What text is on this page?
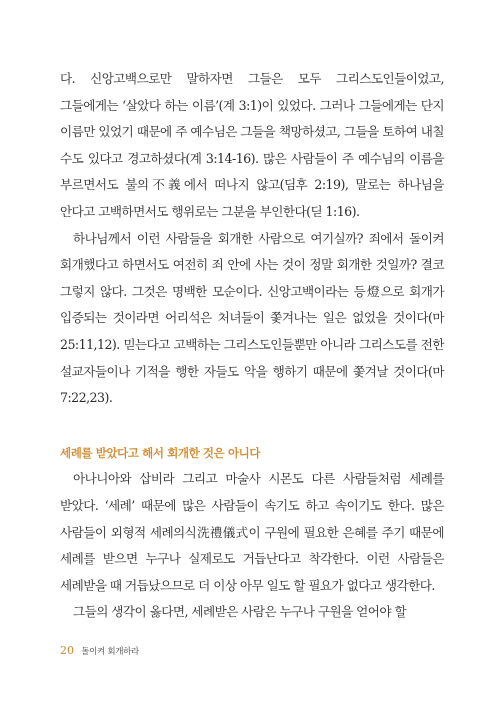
다. 신앙고백으로만 말하자면 그들은 모두 그리스도인들이었고, 그들에게는 ‘살았다 하는 이름’(계 3:1)이 있었다. 그러나 그들에게는 단지 이름만 있었기 때문에 주 예수님은 그들을 책망하셨고, 그들을 토하여 내칠 수도 있다고 경고하셨다(계 3:14-16). 많은 사람들이 주 예수님의 이름을 부르면서도 불의不義에서 떠나지 않고(딤후 2:19), 말로는 하나님을 안다고 고백하면서도 행위로는 그분을 부인한다(딛 1:16).

하나님께서 이런 사람들을 회개한 사람으로 여기실까? 죄에서 돌이켜 회개했다고 하면서도 여전히 죄 안에 사는 것이 정말 회개한 것일까? 결코 그렇지 않다. 그것은 명백한 모순이다. 신앙고백이라는 등燈으로 회개가 입증되는 것이라면 어리석은 처녀들이 쫓겨나는 일은 없었을 것이다(마 25:11,12). 믿는다고 고백하는 그리스도인들뿐만 아니라 그리스도를 전한 설교자들이나 기적을 행한 자들도 악을 행하기 때문에 쫓겨날 것이다(마 7:22,23).

세례를 받았다고 해서 회개한 것은 아니다

아나니아와 삽비라 그리고 마술사 시몬도 다른 사람들처럼 세례를 받았다. ‘세례’ 때문에 많은 사람들이 속기도 하고 속이기도 한다. 많은 사람들이 외형적 세례의식洗禮儀式이 구원에 필요한 은혜를 주기 때문에 세례를 받으면 누구나 실제로도 거듭난다고 착각한다. 이런 사람들은 세례받을 때 거듭났으므로 더 이상 아무 일도 할 필요가 없다고 생각한다.

그들의 생각이 옳다면, 세례받은 사람은 누구나 구원을 얻어야 할

20 돌이켜 회개하라
